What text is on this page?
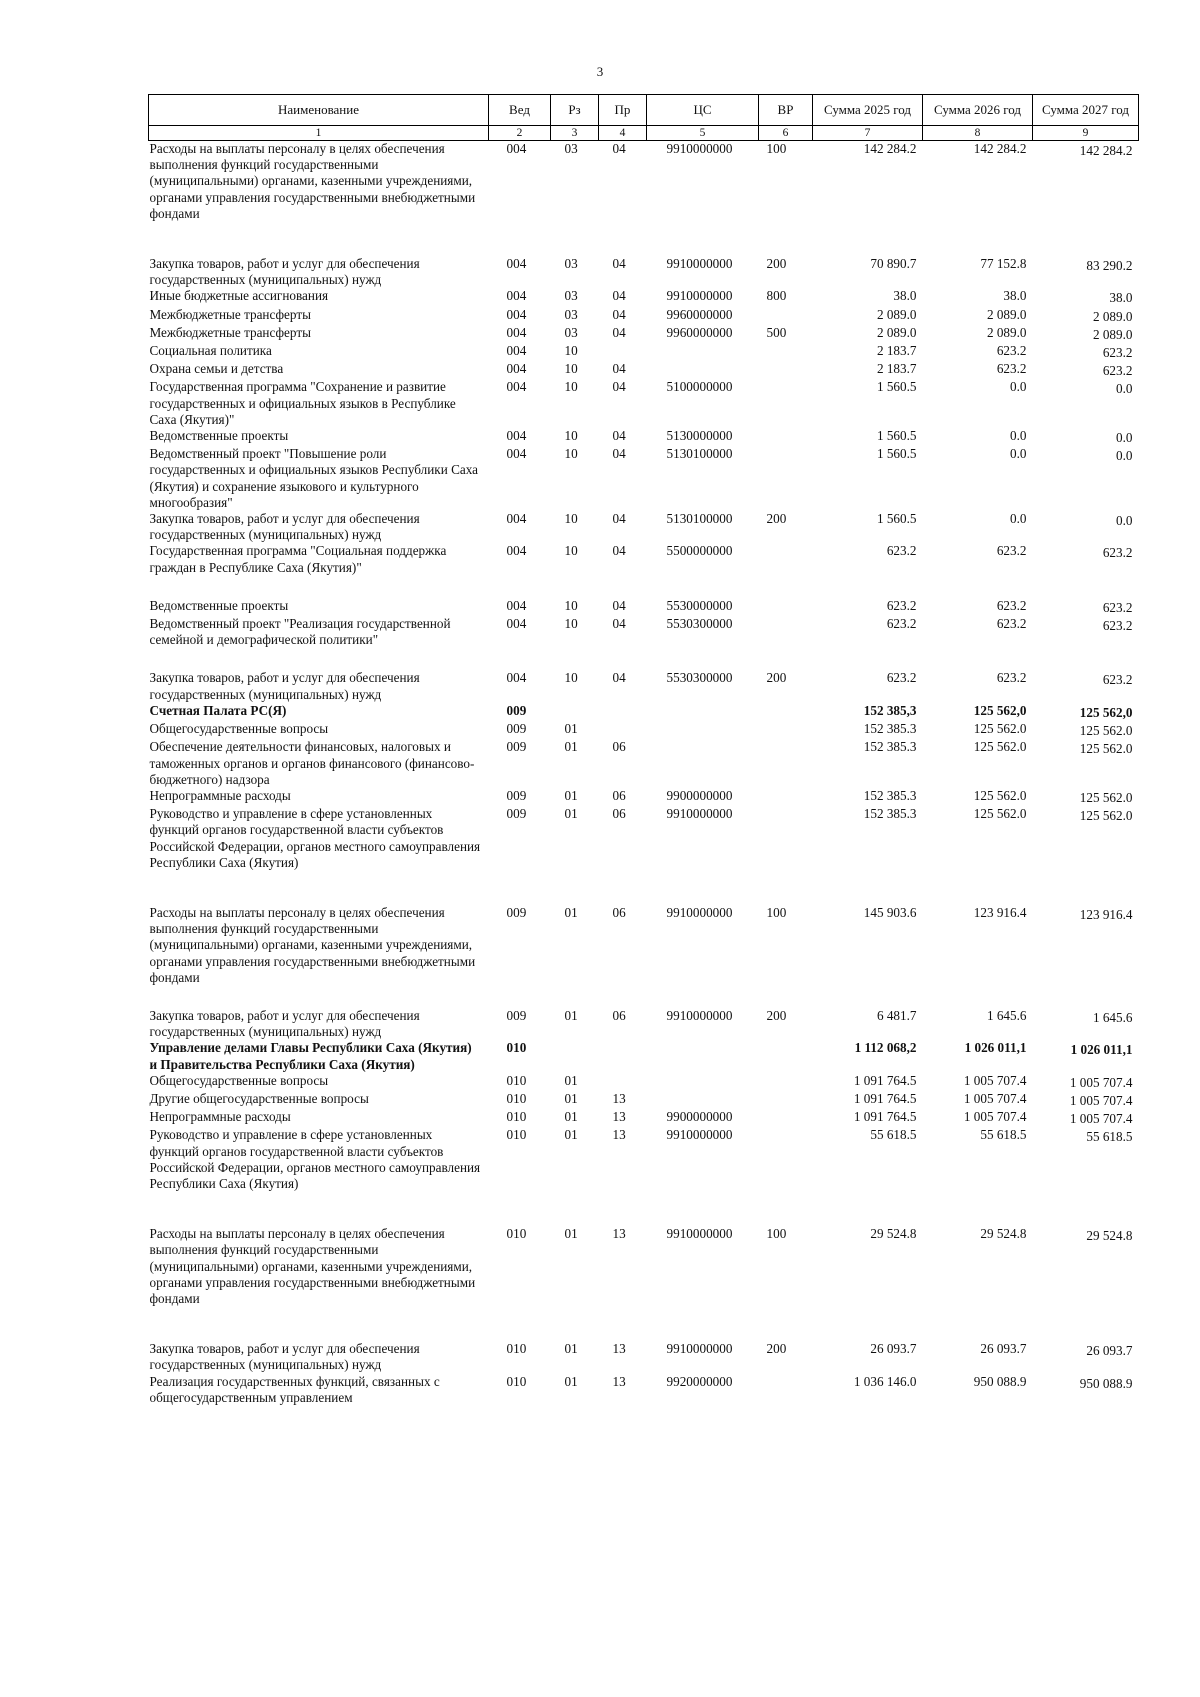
3
Наименование	Вед	Рз	Пр	ЦС	ВР	Сумма 2025 год	Сумма 2026 год	Сумма 2027 год
1	2	3	4	5	6	7	8	9
Расходы на выплаты персоналу в целях обеспечения выполнения функций государственными (муниципальными) органами, казенными учреждениями, органами управления государственными внебюджетными фондами	004	03	04	9910000000	100	142 284.2	142 284.2	142 284.2
Закупка товаров, работ и услуг для обеспечения государственных (муниципальных) нужд	004	03	04	9910000000	200	70 890.7	77 152.8	83 290.2
Иные бюджетные ассигнования	004	03	04	9910000000	800	38.0	38.0	38.0
Межбюджетные трансферты	004	03	04	9960000000		2 089.0	2 089.0	2 089.0
Межбюджетные трансферты	004	03	04	9960000000	500	2 089.0	2 089.0	2 089.0
Социальная политика	004	10				2 183.7	623.2	623.2
Охрана семьи и детства	004	10	04			2 183.7	623.2	623.2
Государственная программа "Сохранение и развитие государственных и официальных языков в Республике Саха (Якутия)"	004	10	04	5100000000		1 560.5	0.0	0.0
Ведомственные проекты	004	10	04	5130000000		1 560.5	0.0	0.0
Ведомственный проект "Повышение роли государственных и официальных языков Республики Саха (Якутия) и сохранение языкового и культурного многообразия"	004	10	04	5130100000		1 560.5	0.0	0.0
Закупка товаров, работ и услуг для обеспечения государственных (муниципальных) нужд	004	10	04	5130100000	200	1 560.5	0.0	0.0
Государственная программа "Социальная поддержка граждан в Республике Саха (Якутия)"	004	10	04	5500000000		623.2	623.2	623.2
Ведомственные проекты	004	10	04	5530000000		623.2	623.2	623.2
Ведомственный проект "Реализация государственной семейной и демографической политики"	004	10	04	5530300000		623.2	623.2	623.2
Закупка товаров, работ и услуг для обеспечения государственных (муниципальных) нужд	004	10	04	5530300000	200	623.2	623.2	623.2
Счетная Палата РС(Я)	009					152 385,3	125 562,0	125 562,0
Общегосударственные вопросы	009	01				152 385.3	125 562.0	125 562.0
Обеспечение деятельности финансовых, налоговых и таможенных органов и органов финансового (финансово-бюджетного) надзора	009	01	06			152 385.3	125 562.0	125 562.0
Непрограммные расходы	009	01	06	9900000000		152 385.3	125 562.0	125 562.0
Руководство и управление в сфере установленных функций органов государственной власти субъектов Российской Федерации, органов местного самоуправления Республики Саха (Якутия)	009	01	06	9910000000		152 385.3	125 562.0	125 562.0
Расходы на выплаты персоналу в целях обеспечения выполнения функций государственными (муниципальными) органами, казенными учреждениями, органами управления государственными внебюджетными фондами	009	01	06	9910000000	100	145 903.6	123 916.4	123 916.4
Закупка товаров, работ и услуг для обеспечения государственных (муниципальных) нужд	009	01	06	9910000000	200	6 481.7	1 645.6	1 645.6
Управление делами Главы Республики Саха (Якутия) и Правительства Республики Саха (Якутия)	010					1 112 068,2	1 026 011,1	1 026 011,1
Общегосударственные вопросы	010	01				1 091 764.5	1 005 707.4	1 005 707.4
Другие общегосударственные вопросы	010	01	13			1 091 764.5	1 005 707.4	1 005 707.4
Непрограммные расходы	010	01	13	9900000000		1 091 764.5	1 005 707.4	1 005 707.4
Руководство и управление в сфере установленных функций органов государственной власти субъектов Российской Федерации, органов местного самоуправления Республики Саха (Якутия)	010	01	13	9910000000		55 618.5	55 618.5	55 618.5
Расходы на выплаты персоналу в целях обеспечения выполнения функций государственными (муниципальными) органами, казенными учреждениями, органами управления государственными внебюджетными фондами	010	01	13	9910000000	100	29 524.8	29 524.8	29 524.8
Закупка товаров, работ и услуг для обеспечения государственных (муниципальных) нужд	010	01	13	9910000000	200	26 093.7	26 093.7	26 093.7
Реализация государственных функций, связанных с общегосударственным управлением	010	01	13	9920000000		1 036 146.0	950 088.9	950 088.9
